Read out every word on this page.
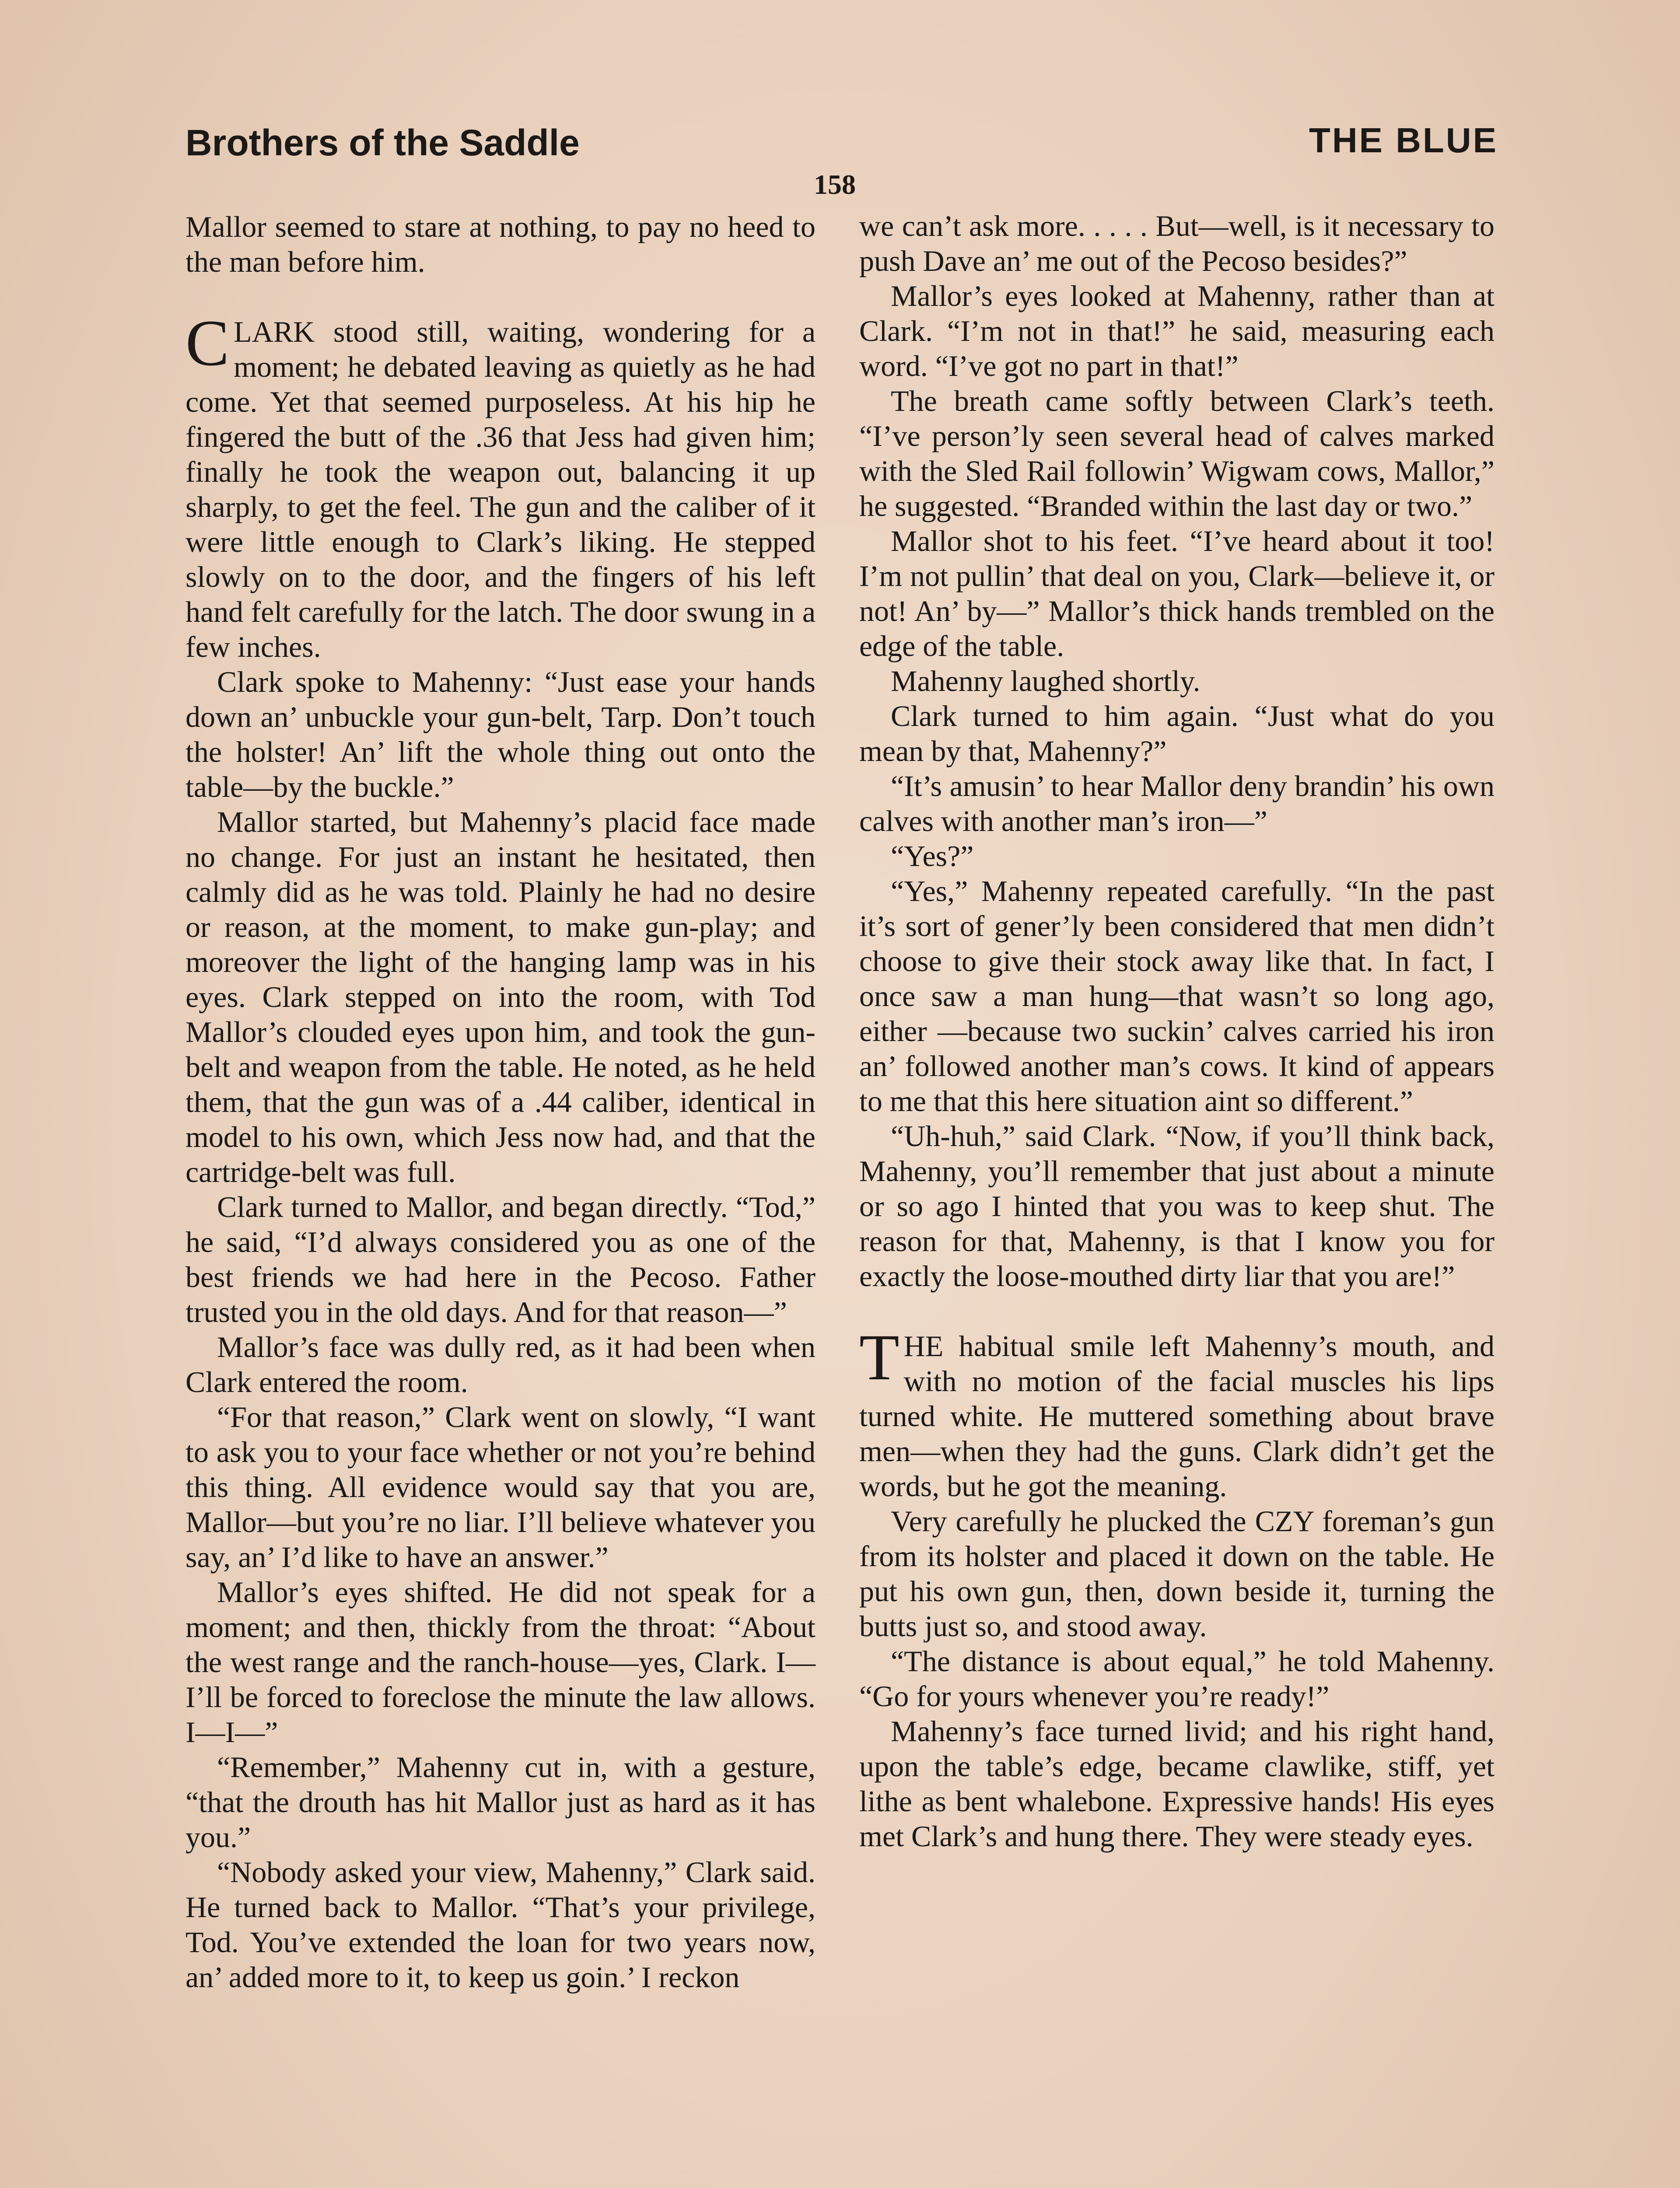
Brothers of the Saddle	THE BLUE
158

Mallor seemed to stare at nothing, to pay no heed to the man before him.

CLARK stood still, waiting, wondering for a moment; he debated leaving as quietly as he had come. Yet that seemed purposeless. At his hip he fingered the butt of the .36 that Jess had given him; finally he took the weapon out, balancing it up sharply, to get the feel. The gun and the caliber of it were little enough to Clark’s liking. He stepped slowly on to the door, and the fingers of his left hand felt carefully for the latch. The door swung in a few inches.

Clark spoke to Mahenny: “Just ease your hands down an’ unbuckle your gun-belt, Tarp. Don’t touch the holster! An’ lift the whole thing out onto the table—by the buckle.”

Mallor started, but Mahenny’s placid face made no change. For just an instant he hesitated, then calmly did as he was told. Plainly he had no desire or reason, at the moment, to make gun-play; and moreover the light of the hanging lamp was in his eyes. Clark stepped on into the room, with Tod Mallor’s clouded eyes upon him, and took the gun-belt and weapon from the table. He noted, as he held them, that the gun was of a .44 caliber, identical in model to his own, which Jess now had, and that the cartridge-belt was full.

Clark turned to Mallor, and began directly. “Tod,” he said, “I’d always considered you as one of the best friends we had here in the Pecoso. Father trusted you in the old days. And for that reason—”

Mallor’s face was dully red, as it had been when Clark entered the room.

“For that reason,” Clark went on slowly, “I want to ask you to your face whether or not you’re behind this thing. All evidence would say that you are, Mallor—but you’re no liar. I’ll believe whatever you say, an’ I’d like to have an answer.”

Mallor’s eyes shifted. He did not speak for a moment; and then, thickly from the throat: “About the west range and the ranch-house—yes, Clark. I—I’ll be forced to foreclose the minute the law allows. I—I—”

“Remember,” Mahenny cut in, with a gesture, “that the drouth has hit Mallor just as hard as it has you.”

“Nobody asked your view, Mahenny,” Clark said. He turned back to Mallor. “That’s your privilege, Tod. You’ve extended the loan for two years now, an’ added more to it, to keep us goin.’ I reckon

we can’t ask more. . . . . But—well, is it necessary to push Dave an’ me out of the Pecoso besides?”

Mallor’s eyes looked at Mahenny, rather than at Clark. “I’m not in that!” he said, measuring each word. “I’ve got no part in that!”

The breath came softly between Clark’s teeth. “I’ve person’ly seen several head of calves marked with the Sled Rail followin’ Wigwam cows, Mallor,” he suggested. “Branded within the last day or two.”

Mallor shot to his feet. “I’ve heard about it too! I’m not pullin’ that deal on you, Clark—believe it, or not! An’ by—” Mallor’s thick hands trembled on the edge of the table.

Mahenny laughed shortly.

Clark turned to him again. “Just what do you mean by that, Mahenny?”

“It’s amusin’ to hear Mallor deny brandin’ his own calves with another man’s iron—”

“Yes?”

“Yes,” Mahenny repeated carefully. “In the past it’s sort of gener’ly been considered that men didn’t choose to give their stock away like that. In fact, I once saw a man hung—that wasn’t so long ago, either —because two suckin’ calves carried his iron an’ followed another man’s cows. It kind of appears to me that this here situation aint so different.”

“Uh-huh,” said Clark. “Now, if you’ll think back, Mahenny, you’ll remember that just about a minute or so ago I hinted that you was to keep shut. The reason for that, Mahenny, is that I know you for exactly the loose-mouthed dirty liar that you are!”

THE habitual smile left Mahenny’s mouth, and with no motion of the facial muscles his lips turned white. He muttered something about brave men—when they had the guns. Clark didn’t get the words, but he got the meaning.

Very carefully he plucked the CZY foreman’s gun from its holster and placed it down on the table. He put his own gun, then, down beside it, turning the butts just so, and stood away.

“The distance is about equal,” he told Mahenny. “Go for yours whenever you’re ready!”

Mahenny’s face turned livid; and his right hand, upon the table’s edge, became clawlike, stiff, yet lithe as bent whalebone. Expressive hands! His eyes met Clark’s and hung there. They were steady eyes.
